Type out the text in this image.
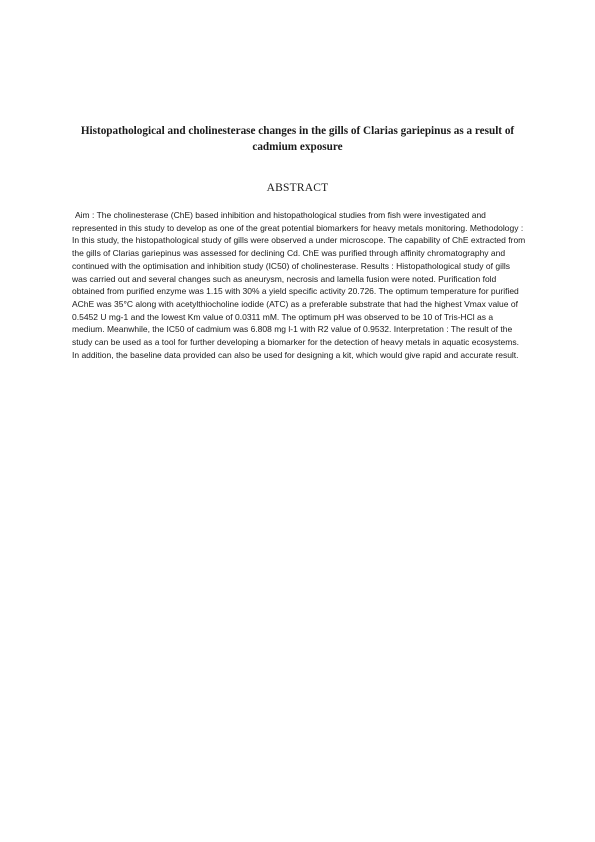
Histopathological and cholinesterase changes in the gills of Clarias gariepinus as a result of cadmium exposure
ABSTRACT

Aim : The cholinesterase (ChE) based inhibition and histopathological studies from fish were investigated and represented in this study to develop as one of the great potential biomarkers for heavy metals monitoring. Methodology : In this study, the histopathological study of gills were observed a under microscope. The capability of ChE extracted from the gills of Clarias gariepinus was assessed for declining Cd. ChE was purified through affinity chromatography and continued with the optimisation and inhibition study (IC50) of cholinesterase. Results : Histopathological study of gills was carried out and several changes such as aneurysm, necrosis and lamella fusion were noted. Purification fold obtained from purified enzyme was 1.15 with 30% a yield specific activity 20.726. The optimum temperature for purified AChE was 35°C along with acetylthiocholine iodide (ATC) as a preferable substrate that had the highest Vmax value of 0.5452 U mg-1 and the lowest Km value of 0.0311 mM. The optimum pH was observed to be 10 of Tris-HCl as a medium. Meanwhile, the IC50 of cadmium was 6.808 mg l-1 with R2 value of 0.9532. Interpretation : The result of the study can be used as a tool for further developing a biomarker for the detection of heavy metals in aquatic ecosystems. In addition, the baseline data provided can also be used for designing a kit, which would give rapid and accurate result.
